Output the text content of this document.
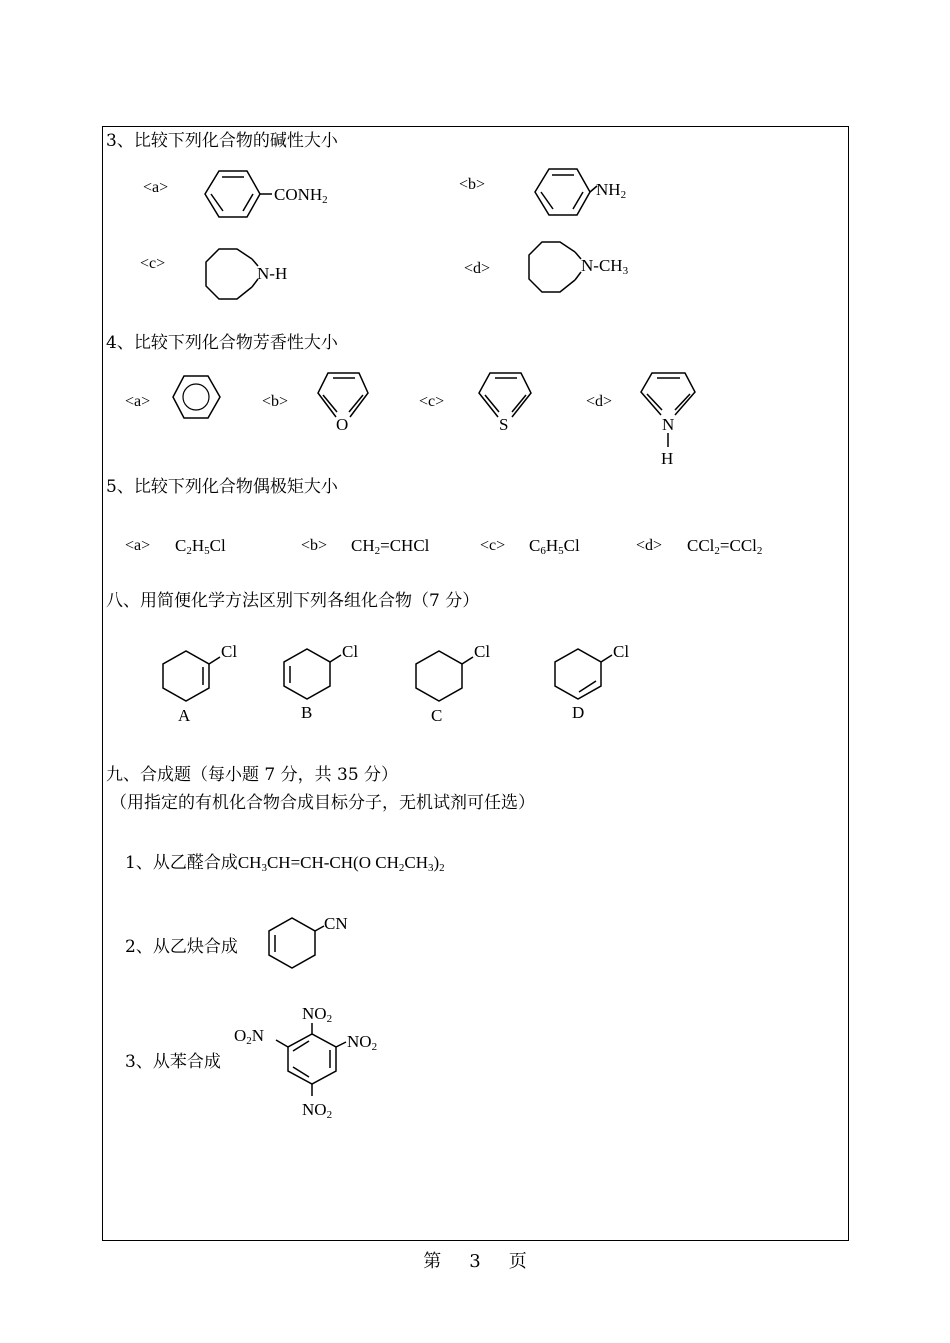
3、比较下列化合物的碱性大小
<a>	$CONH_2$
<b>	$NH_2$
<c>
N-H	<d>	$N-CH_3$
4、比较下列化合物芳香性大小
<a>	<b>	<c>	<d>
O	S	N
H
5、比较下列化合物偶极矩大小
$<a> C_2H_5Cl$	$<b> CH_2=CHCl$	$<c> C_6H_5Cl$	<d> CCl$_2$=CCl$_2$
八、用简便化学方法区别下列各组化合物（7 分）
Cl
A
Cl
B
Cl
C
Cl
D
九、合成题（每小题 7 分，共 35 分）
（用指定的有机化合物合成目标分子，无机试剂可任选）
1、从乙醛合成$CH_3CH=CH-CH(O$ $CH_2CH_3)_2$
2、从乙炔合成
3、从苯合成
CN
$NO_2$
$NO_2$
$O_2N$
$NO_2$
第 3 页
